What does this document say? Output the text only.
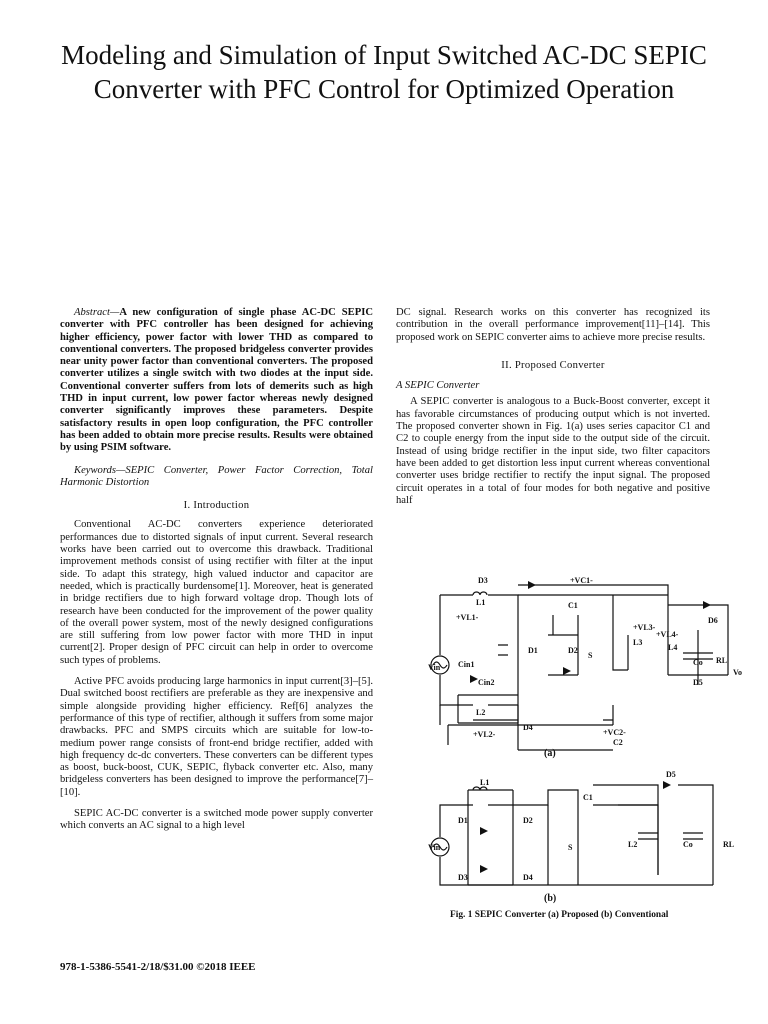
Modeling and Simulation of Input Switched AC-DC SEPIC Converter with PFC Control for Optimized Operation

Abstract—A new configuration of single phase AC-DC SEPIC converter with PFC controller has been designed for achieving higher efficiency, power factor with lower THD as compared to conventional converters. The proposed bridgeless converter provides near unity power factor than conventional converters. The proposed converter utilizes a single switch with two diodes at the input side. Conventional converter suffers from lots of demerits such as high THD in input current, low power factor whereas newly designed converter significantly improves these parameters. Despite satisfactory results in open loop configuration, the PFC controller has been added to obtain more precise results. Results were obtained by using PSIM software.

Keywords—SEPIC Converter, Power Factor Correction, Total Harmonic Distortion

I. Introduction

Conventional AC-DC converters experience deteriorated performances due to distorted signals of input current. Several research works have been carried out to overcome this drawback. Traditional improvement methods consist of using rectifier with filter at the input side. To adapt this strategy, high valued inductor and capacitor are needed, which is practically burdensome[1]. Moreover, heat is generated in bridge rectifiers due to high forward voltage drop. Though lots of research have been conducted for the improvement of the power quality of the overall power system, most of the newly designed configurations are still suffering from low power factor with more THD in input current[2]. Proper design of PFC circuit can help in order to overcome such types of problems.

Active PFC avoids producing large harmonics in input current[3]–[5]. Dual switched boost rectifiers are preferable as they are inexpensive and simple alongside providing higher efficiency. Ref[6] analyzes the performance of this type of rectifier, although it suffers from some major drawbacks. PFC and SMPS circuits which are suitable for low-to-medium power range consists of front-end bridge rectifier, added with high frequency dc-dc converters. These converters can be different types as boost, buck-boost, CUK, SEPIC, flyback converter etc. Also, many bridgeless converters has been designed to improve the performance[7]–[10].

SEPIC AC-DC converter is a switched mode power supply converter which converts an AC signal to a high level

DC signal. Research works on this converter has recognized its contribution in the overall performance improvement[11]–[14]. This proposed work on SEPIC converter aims to achieve more precise results.

II. Proposed Converter
A SEPIC Converter

A SEPIC converter is analogous to a Buck-Boost converter, except it has favorable circumstances of producing output which is not inverted. The proposed converter shown in Fig. 1(a) uses series capacitor C1 and C2 to couple energy from the input side to the output side of the circuit. Instead of using bridge rectifier in the input side, two filter capacitors have been added to get distortion less input current whereas conventional converter uses bridge rectifier to rectify the input signal. The proposed circuit operates in a total of four modes for both negative and positive half

D3
L1
+VL1-
+VC1-
C1
+VL3-
L3
D6
Vin Cin1
Cin2
D1	D2
S
L4
+VL4-
Co RL
Vo
D5
D4
L2
+VL2-	+VC2-
C2
L1
C1
D5
D1	D2
Vin	S	L2	Co	RL
D3	D4
(a)
(b)
Fig. 1 SEPIC Converter (a) Proposed (b) Conventional
978-1-5386-5541-2/18/$31.00 ©2018 IEEE
